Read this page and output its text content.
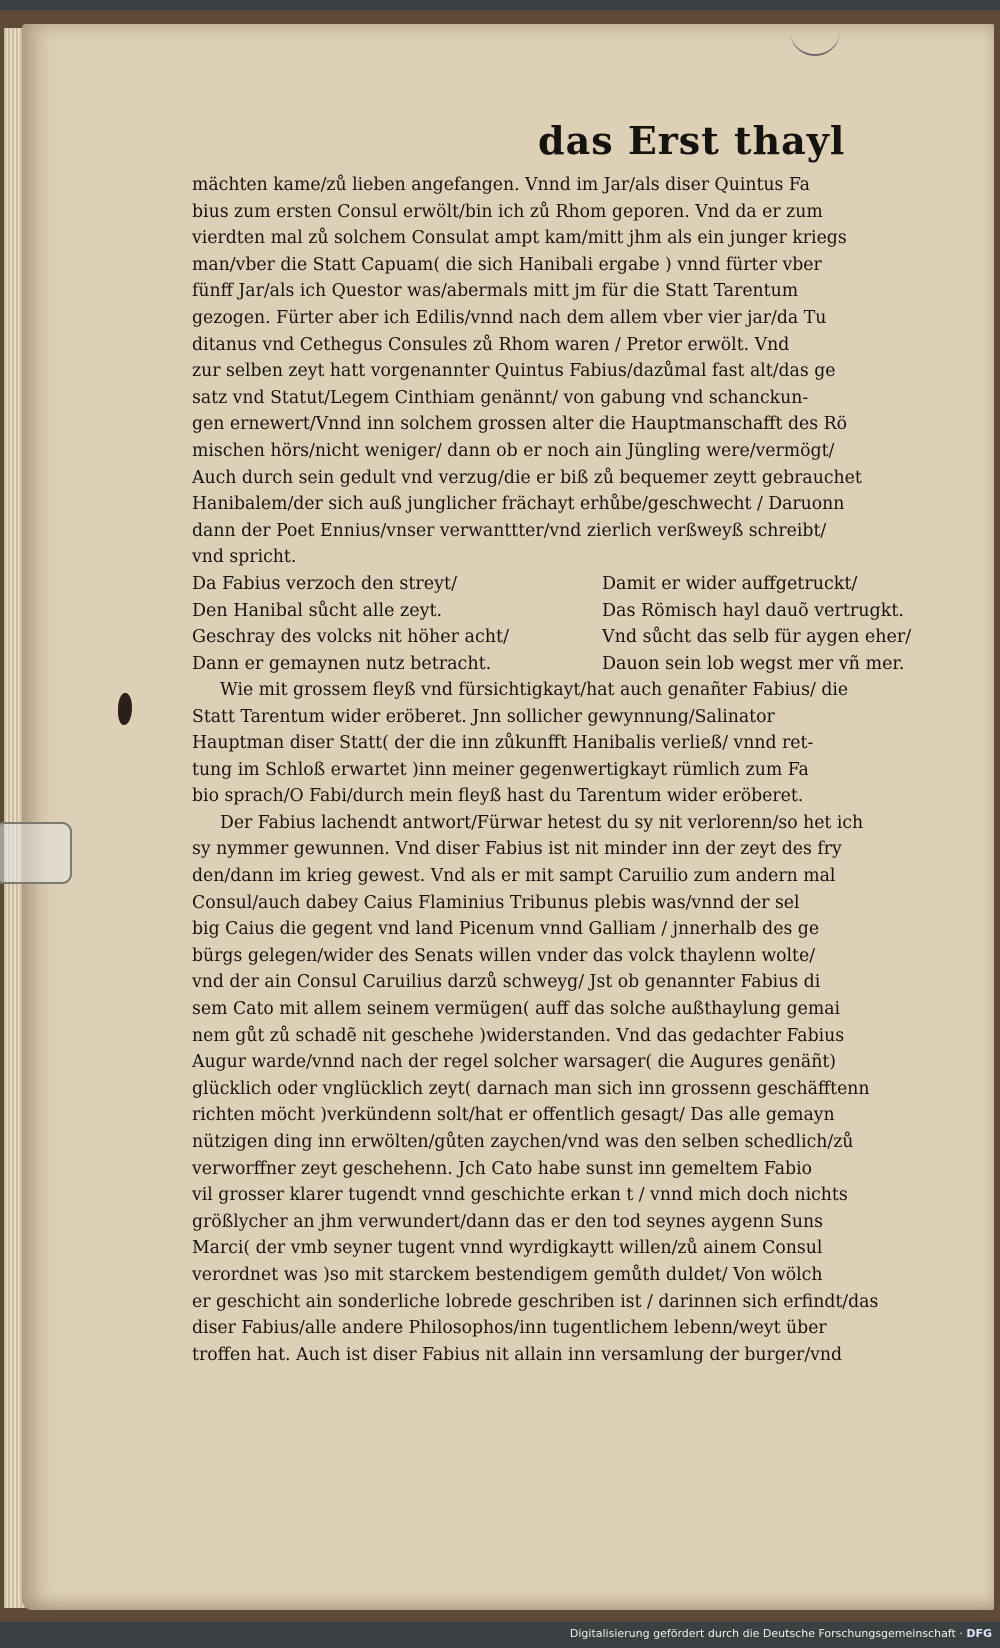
das Erst thayl
mächten kame/zů lieben angefangen. Vnnd im Jar/als diser Quintus Fa
bius zum ersten Consul erwölt/bin ich zů Rhom geporen. Vnd da er zum
vierdten mal zů solchem Consulat ampt kam/mitt jhm als ein junger kriegs
man/vber die Statt Capuam( die sich Hanibali ergabe ) vnnd fürter vber
fünff Jar/als ich Questor was/abermals mitt jm für die Statt Tarentum
gezogen. Fürter aber ich Edilis/vnnd nach dem allem vber vier jar/da Tu
ditanus vnd Cethegus Consules zů Rhom waren / Pretor erwölt. Vnd
zur selben zeyt hatt vorgenannter Quintus Fabius/dazůmal fast alt/das ge
satz vnd Statut/Legem Cinthiam genännt/ von gabung vnd schanckun-
gen ernewert/Vnnd inn solchem grossen alter die Hauptmanschafft des Rö
mischen hörs/nicht weniger/ dann ob er noch ain Jüngling were/vermögt/
Auch durch sein gedult vnd verzug/die er biß zů bequemer zeytt gebrauchet
Hanibalem/der sich auß junglicher frächayt erhůbe/geschwecht / Daruonn
dann der Poet Ennius/vnser verwanttter/vnd zierlich verßweyß schreibt/
vnd spricht.
Da Fabius verzoch den streyt/
Den Hanibal sůcht alle zeyt.
Geschray des volcks nit höher acht/
Dann er gemaynen nutz betracht.
Damit er wider auffgetruckt/
Das Römisch hayl dauõ vertrugkt.
Vnd sůcht das selb für aygen eher/
Dauon sein lob wegst mer vñ mer.
Wie mit grossem fleyß vnd fürsichtigkayt/hat auch genañter Fabius/ die
Statt Tarentum wider eröberet. Jnn sollicher gewynnung/Salinator
Hauptman diser Statt( der die inn zůkunfft Hanibalis verließ/ vnnd ret-
tung im Schloß erwartet )inn meiner gegenwertigkayt rümlich zum Fa
bio sprach/O Fabi/durch mein fleyß hast du Tarentum wider eröberet.
Der Fabius lachendt antwort/Fürwar hetest du sy nit verlorenn/so het ich
sy nymmer gewunnen. Vnd diser Fabius ist nit minder inn der zeyt des fry
den/dann im krieg gewest. Vnd als er mit sampt Caruilio zum andern mal
Consul/auch dabey Caius Flaminius Tribunus plebis was/vnnd der sel
big Caius die gegent vnd land Picenum vnnd Galliam / jnnerhalb des ge
bürgs gelegen/wider des Senats willen vnder das volck thaylenn wolte/
vnd der ain Consul Caruilius darzů schweyg/ Jst ob genannter Fabius di
sem Cato mit allem seinem vermügen( auff das solche außthaylung gemai
nem gůt zů schadẽ nit geschehe )widerstanden. Vnd das gedachter Fabius
Augur warde/vnnd nach der regel solcher warsager( die Augures genäñt)
glücklich oder vnglücklich zeyt( darnach man sich inn grossenn geschäfftenn
richten möcht )verkündenn solt/hat er offentlich gesagt/ Das alle gemayn
nützigen ding inn erwölten/gůten zaychen/vnd was den selben schedlich/zů
verworffner zeyt geschehenn. Jch Cato habe sunst inn gemeltem Fabio
vil grosser klarer tugendt vnnd geschichte erkan t / vnnd mich doch nichts
größlycher an jhm verwundert/dann das er den tod seynes aygenn Suns
Marci( der vmb seyner tugent vnnd wyrdigkaytt willen/zů ainem Consul
verordnet was )so mit starckem bestendigem gemůth duldet/ Von wölch
er geschicht ain sonderliche lobrede geschriben ist / darinnen sich erfindt/das
diser Fabius/alle andere Philosophos/inn tugentlichem lebenn/weyt über
troffen hat. Auch ist diser Fabius nit allain inn versamlung der burger/vnd
Digitalisierung gefördert durch die Deutsche Forschungsgemeinschaft · DFG
